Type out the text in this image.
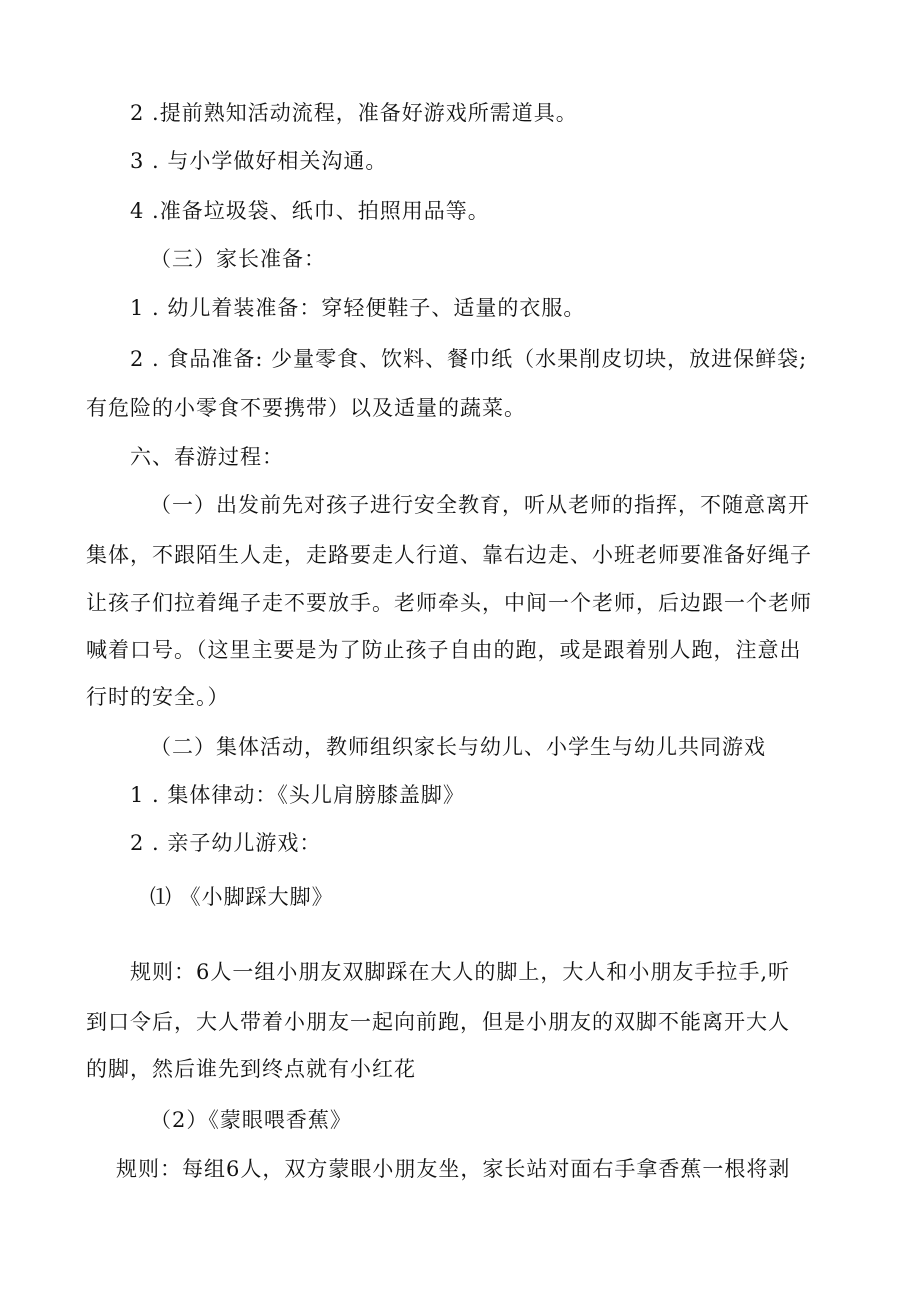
2 .提前熟知活动流程，准备好游戏所需道具。
3 . 与小学做好相关沟通。
4 .准备垃圾袋、纸巾、拍照用品等。
（三）家长准备：
1 . 幼儿着装准备：穿轻便鞋子、适量的衣服。
2 . 食品准备: 少量零食、饮料、餐巾纸（水果削皮切块，放进保鲜袋;
有危险的小零食不要携带）以及适量的蔬菜。
六、春游过程：
（一）出发前先对孩子进行安全教育，听从老师的指挥，不随意离开
集体，不跟陌生人走，走路要走人行道、靠右边走、小班老师要准备好绳子
让孩子们拉着绳子走不要放手。老师牵头，中间一个老师，后边跟一个老师
喊着口号。（这里主要是为了防止孩子自由的跑，或是跟着别人跑，注意出
行时的安全。）
（二）集体活动，教师组织家长与幼儿、小学生与幼儿共同游戏
1 . 集体律动：《头儿肩膀膝盖脚》
2 . 亲子幼儿游戏：
⑴ 《小脚踩大脚》
规则：6人一组小朋友双脚踩在大人的脚上，大人和小朋友手拉手,听
到口令后，大人带着小朋友一起向前跑，但是小朋友的双脚不能离开大人
的脚，然后谁先到终点就有小红花
（2）《蒙眼喂香蕉》
规则：每组6人，双方蒙眼小朋友坐，家长站对面右手拿香蕉一根将剥
